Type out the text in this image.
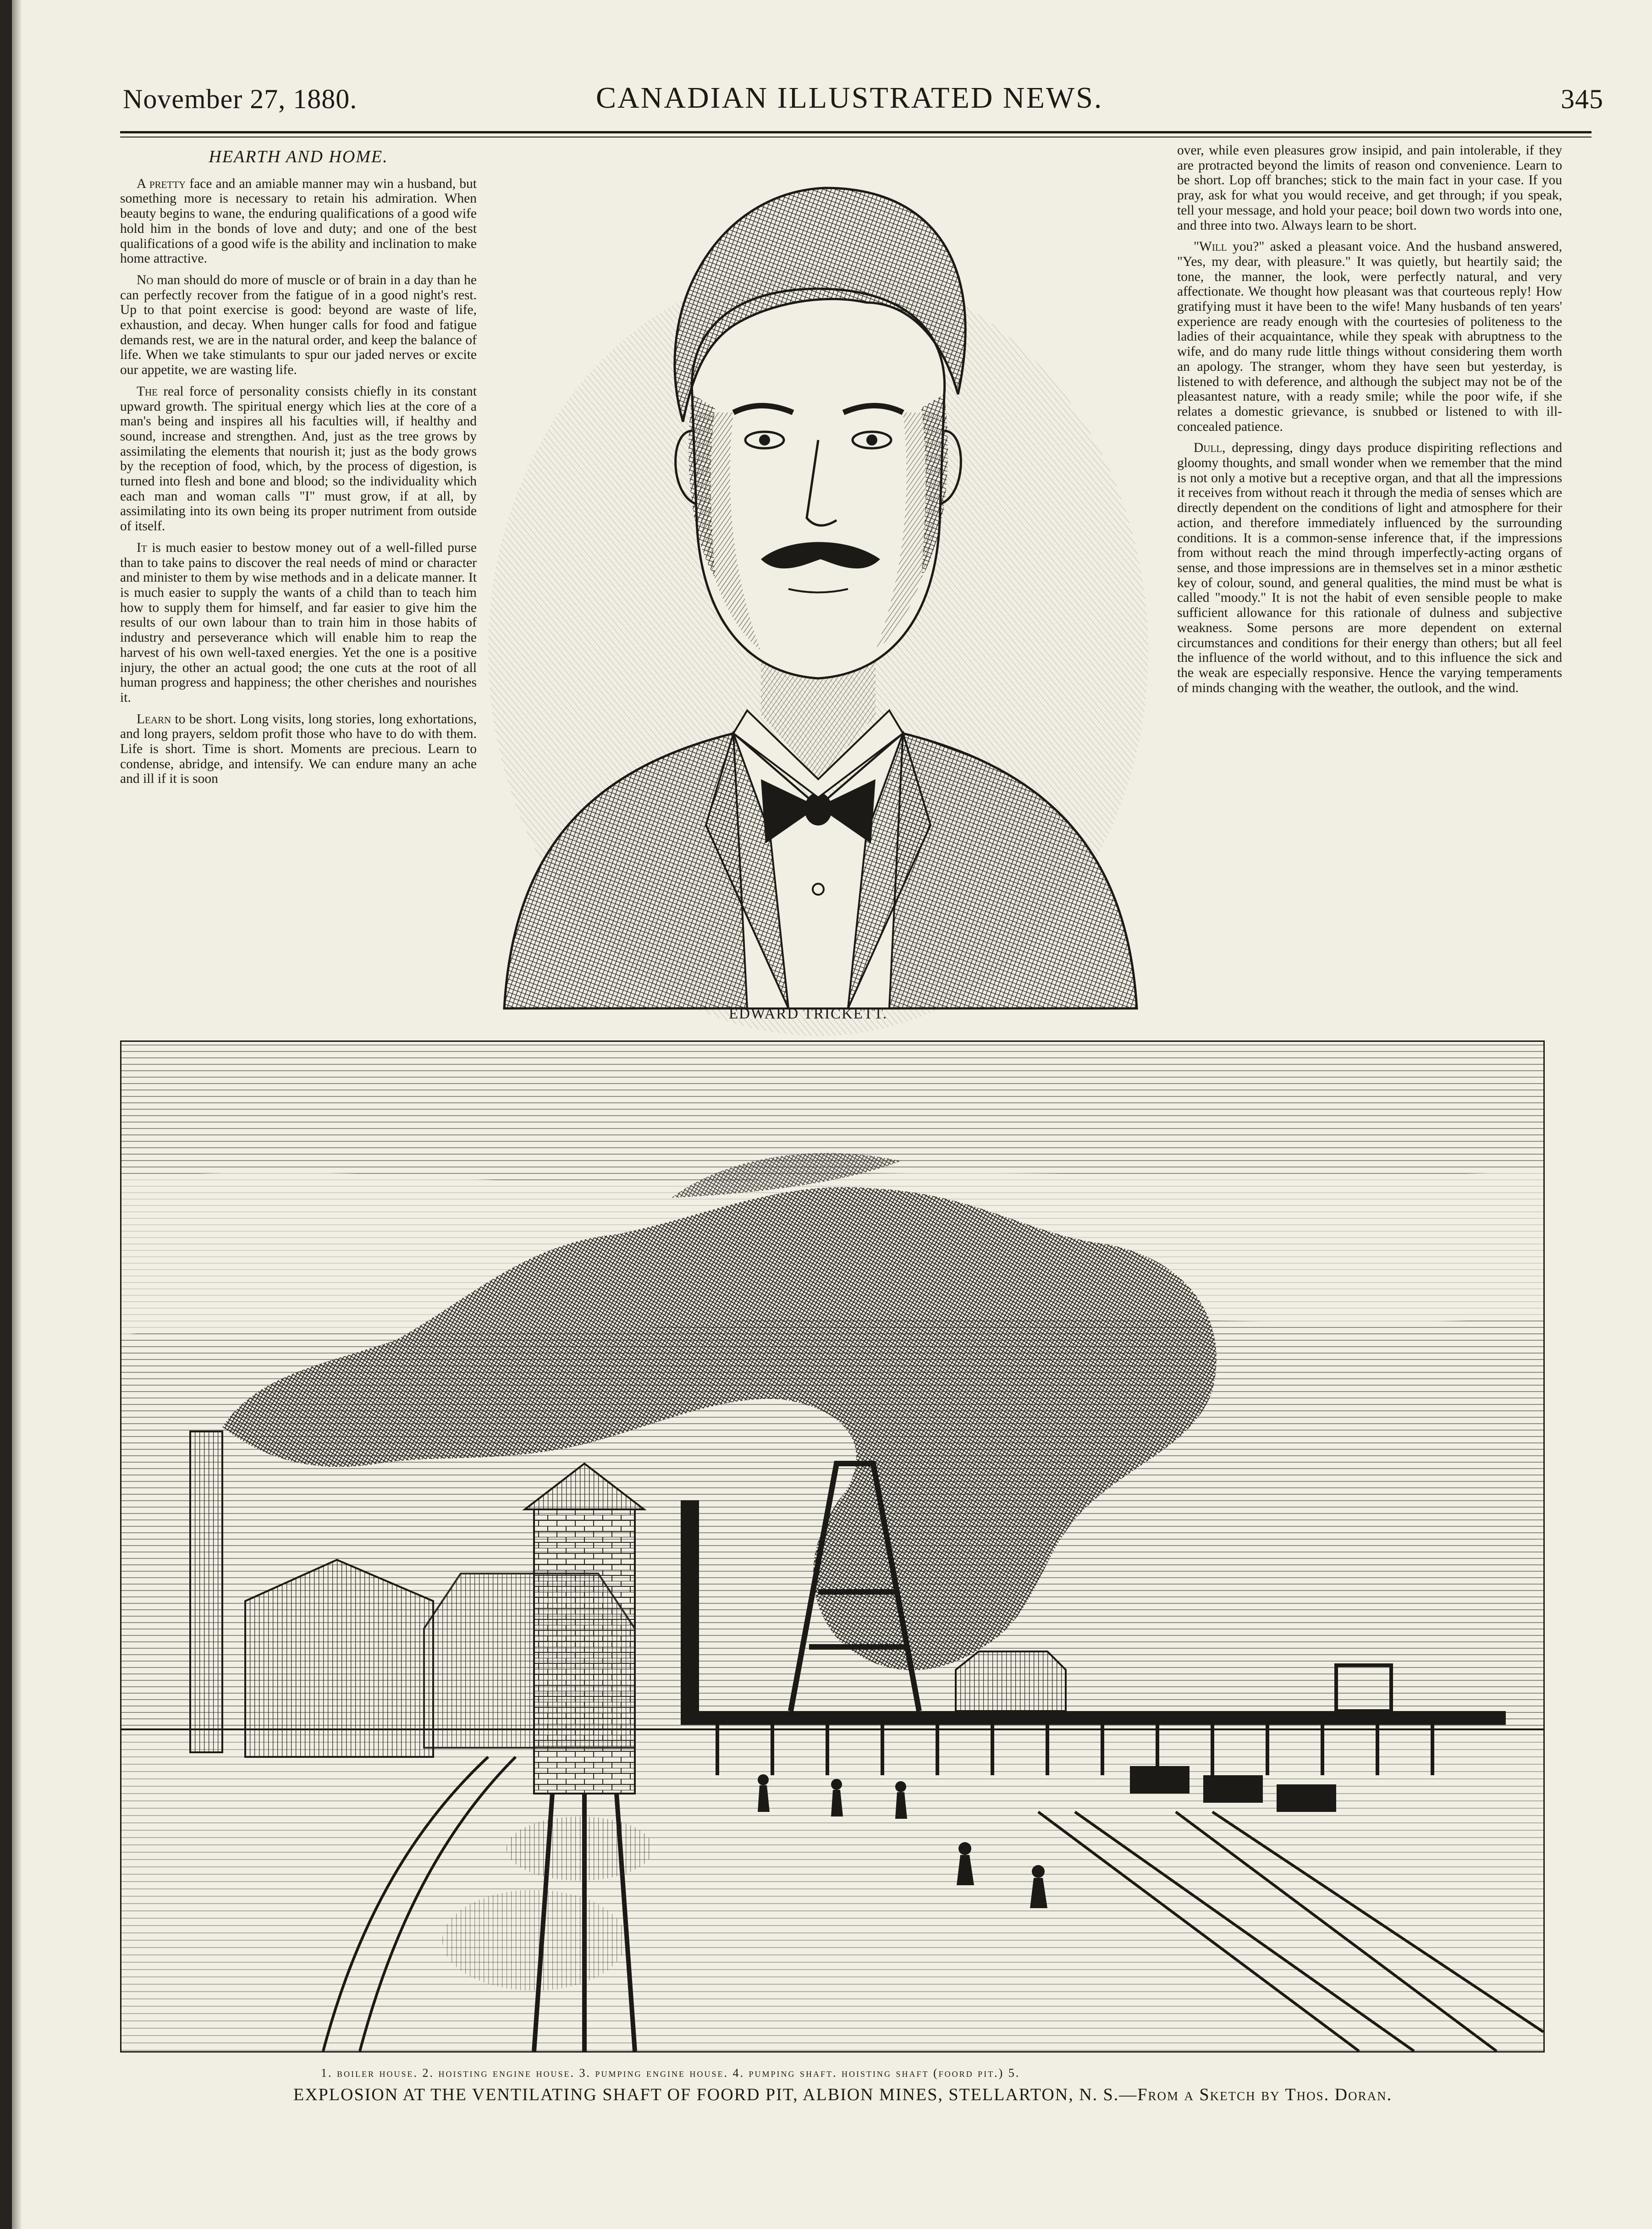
November 27, 1880.	CANADIAN ILLUSTRATED NEWS.	345
HEARTH AND HOME.

A pretty face and an amiable manner may win a husband, but something more is necessary to retain his admiration. When beauty begins to wane, the enduring qualifications of a good wife hold him in the bonds of love and duty; and one of the best qualifications of a good wife is the ability and inclination to make home attractive.

No man should do more of muscle or of brain in a day than he can perfectly recover from the fatigue of in a good night's rest. Up to that point exercise is good: beyond are waste of life, exhaustion, and decay. When hunger calls for food and fatigue demands rest, we are in the natural order, and keep the balance of life. When we take stimulants to spur our jaded nerves or excite our appetite, we are wasting life.

The real force of personality consists chiefly in its constant upward growth. The spiritual energy which lies at the core of a man's being and inspires all his faculties will, if healthy and sound, increase and strengthen. And, just as the tree grows by assimilating the elements that nourish it; just as the body grows by the reception of food, which, by the process of digestion, is turned into flesh and bone and blood; so the individuality which each man and woman calls "I" must grow, if at all, by assimilating into its own being its proper nutriment from outside of itself.

It is much easier to bestow money out of a well-filled purse than to take pains to discover the real needs of mind or character and minister to them by wise methods and in a delicate manner. It is much easier to supply the wants of a child than to teach him how to supply them for himself, and far easier to give him the results of our own labour than to train him in those habits of industry and perseverance which will enable him to reap the harvest of his own well-taxed energies. Yet the one is a positive injury, the other an actual good; the one cuts at the root of all human progress and happiness; the other cherishes and nourishes it.

Learn to be short. Long visits, long stories, long exhortations, and long prayers, seldom profit those who have to do with them. Life is short. Time is short. Moments are precious. Learn to condense, abridge, and intensify. We can endure many an ache and ill if it is soon

EDWARD TRICKETT.

over, while even pleasures grow insipid, and pain intolerable, if they are protracted beyond the limits of reason ond convenience. Learn to be short. Lop off branches; stick to the main fact in your case. If you pray, ask for what you would receive, and get through; if you speak, tell your message, and hold your peace; boil down two words into one, and three into two. Always learn to be short.

"Will you?" asked a pleasant voice. And the husband answered, "Yes, my dear, with pleasure." It was quietly, but heartily said; the tone, the manner, the look, were perfectly natural, and very affectionate. We thought how pleasant was that courteous reply! How gratifying must it have been to the wife! Many husbands of ten years' experience are ready enough with the courtesies of politeness to the ladies of their acquaintance, while they speak with abruptness to the wife, and do many rude little things without considering them worth an apology. The stranger, whom they have seen but yesterday, is listened to with deference, and although the subject may not be of the pleasantest nature, with a ready smile; while the poor wife, if she relates a domestic grievance, is snubbed or listened to with ill-concealed patience.

Dull, depressing, dingy days produce dispiriting reflections and gloomy thoughts, and small wonder when we remember that the mind is not only a motive but a receptive organ, and that all the impressions it receives from without reach it through the media of senses which are directly dependent on the conditions of light and atmosphere for their action, and therefore immediately influenced by the surrounding conditions. It is a common-sense inference that, if the impressions from without reach the mind through imperfectly-acting organs of sense, and those impressions are in themselves set in a minor æsthetic key of colour, sound, and general qualities, the mind must be what is called "moody." It is not the habit of even sensible people to make sufficient allowance for this rationale of dulness and subjective weakness. Some persons are more dependent on external circumstances and conditions for their energy than others; but all feel the influence of the world without, and to this influence the sick and the weak are especially responsive. Hence the varying temperaments of minds changing with the weather, the outlook, and the wind.

1. boiler house. 2. hoisting engine house. 3. pumping engine house. 4. pumping shaft. hoisting shaft (foord pit.) 5.
EXPLOSION AT THE VENTILATING SHAFT OF FOORD PIT, ALBION MINES, STELLARTON, N. S.—From a Sketch by Thos. Doran.
